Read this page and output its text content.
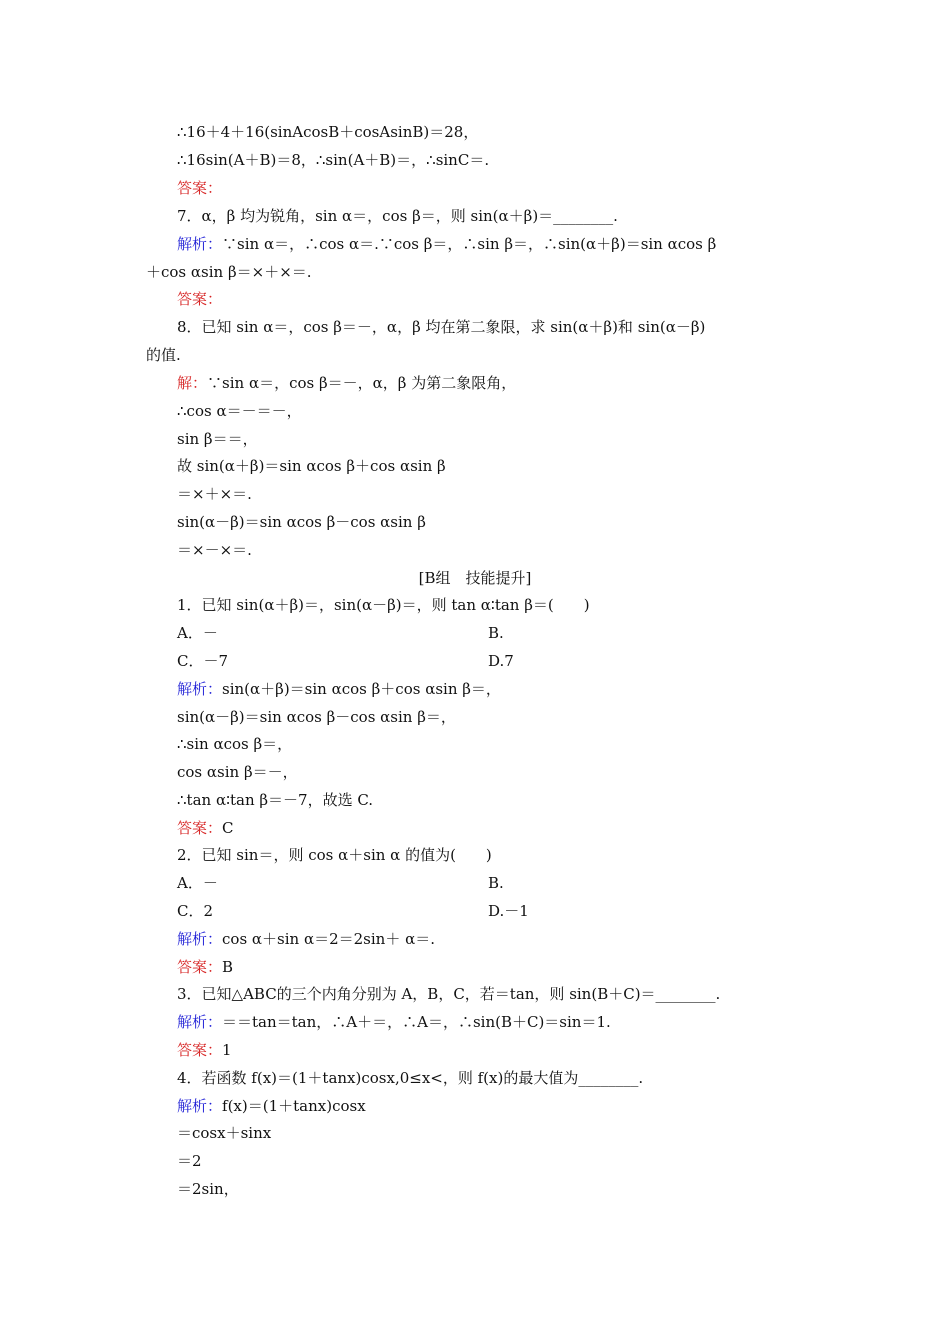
∴16＋4＋16(sinAcosB＋cosAsinB)＝28，
∴16sin(A＋B)＝8，∴sin(A＋B)＝，∴sinC＝.
答案：
7．α，β 均为锐角，sin α＝，cos β＝，则 sin(α＋β)＝________.
解析：∵sin α＝，∴cos α＝.∵cos β＝，∴sin β＝，∴sin(α＋β)＝sin αcos β
＋cos αsin β＝×＋×＝.
答案：
8．已知 sin α＝，cos β＝－，α，β 均在第二象限，求 sin(α＋β)和 sin(α－β)
的值.
解：∵sin α＝，cos β＝－，α，β 为第二象限角，
∴cos α＝－＝－，
sin β＝＝，
故 sin(α＋β)＝sin αcos β＋cos αsin β
＝×＋×＝.
sin(α－β)＝sin αcos β－cos αsin β
＝×－×＝.
[B组　技能提升]
1．已知 sin(α＋β)＝，sin(α－β)＝，则 tan α∶tan β＝(　　)
A．－	B.
C．－7	D.7
解析：sin(α＋β)＝sin αcos β＋cos αsin β＝，
sin(α－β)＝sin αcos β－cos αsin β＝，
∴sin αcos β＝，
cos αsin β＝－，
∴tan α∶tan β＝－7，故选 C.
答案：C
2．已知 sin＝，则 cos α＋sin α 的值为(　　)
A．－	B.
C．2	D.－1
解析：cos α＋sin α＝2＝2sin＋ α＝.
答案：B
3．已知△ABC的三个内角分别为 A，B，C，若＝tan，则 sin(B＋C)＝________.
解析：＝＝tan＝tan，∴A＋＝，∴A＝，∴sin(B＋C)＝sin＝1.
答案：1
4．若函数 f(x)＝(1＋tanx)cosx,0≤x<，则 f(x)的最大值为________.
解析：f(x)＝(1＋tanx)cosx
＝cosx＋sinx
＝2
＝2sin，
